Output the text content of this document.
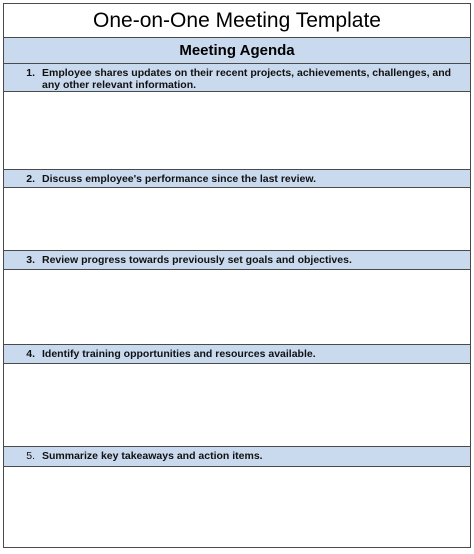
One-on-One Meeting Template
Meeting Agenda
1. Employee shares updates on their recent projects, achievements, challenges, and any other relevant information.
2. Discuss employee's performance since the last review.
3. Review progress towards previously set goals and objectives.
4. Identify training opportunities and resources available.
5. Summarize key takeaways and action items.
